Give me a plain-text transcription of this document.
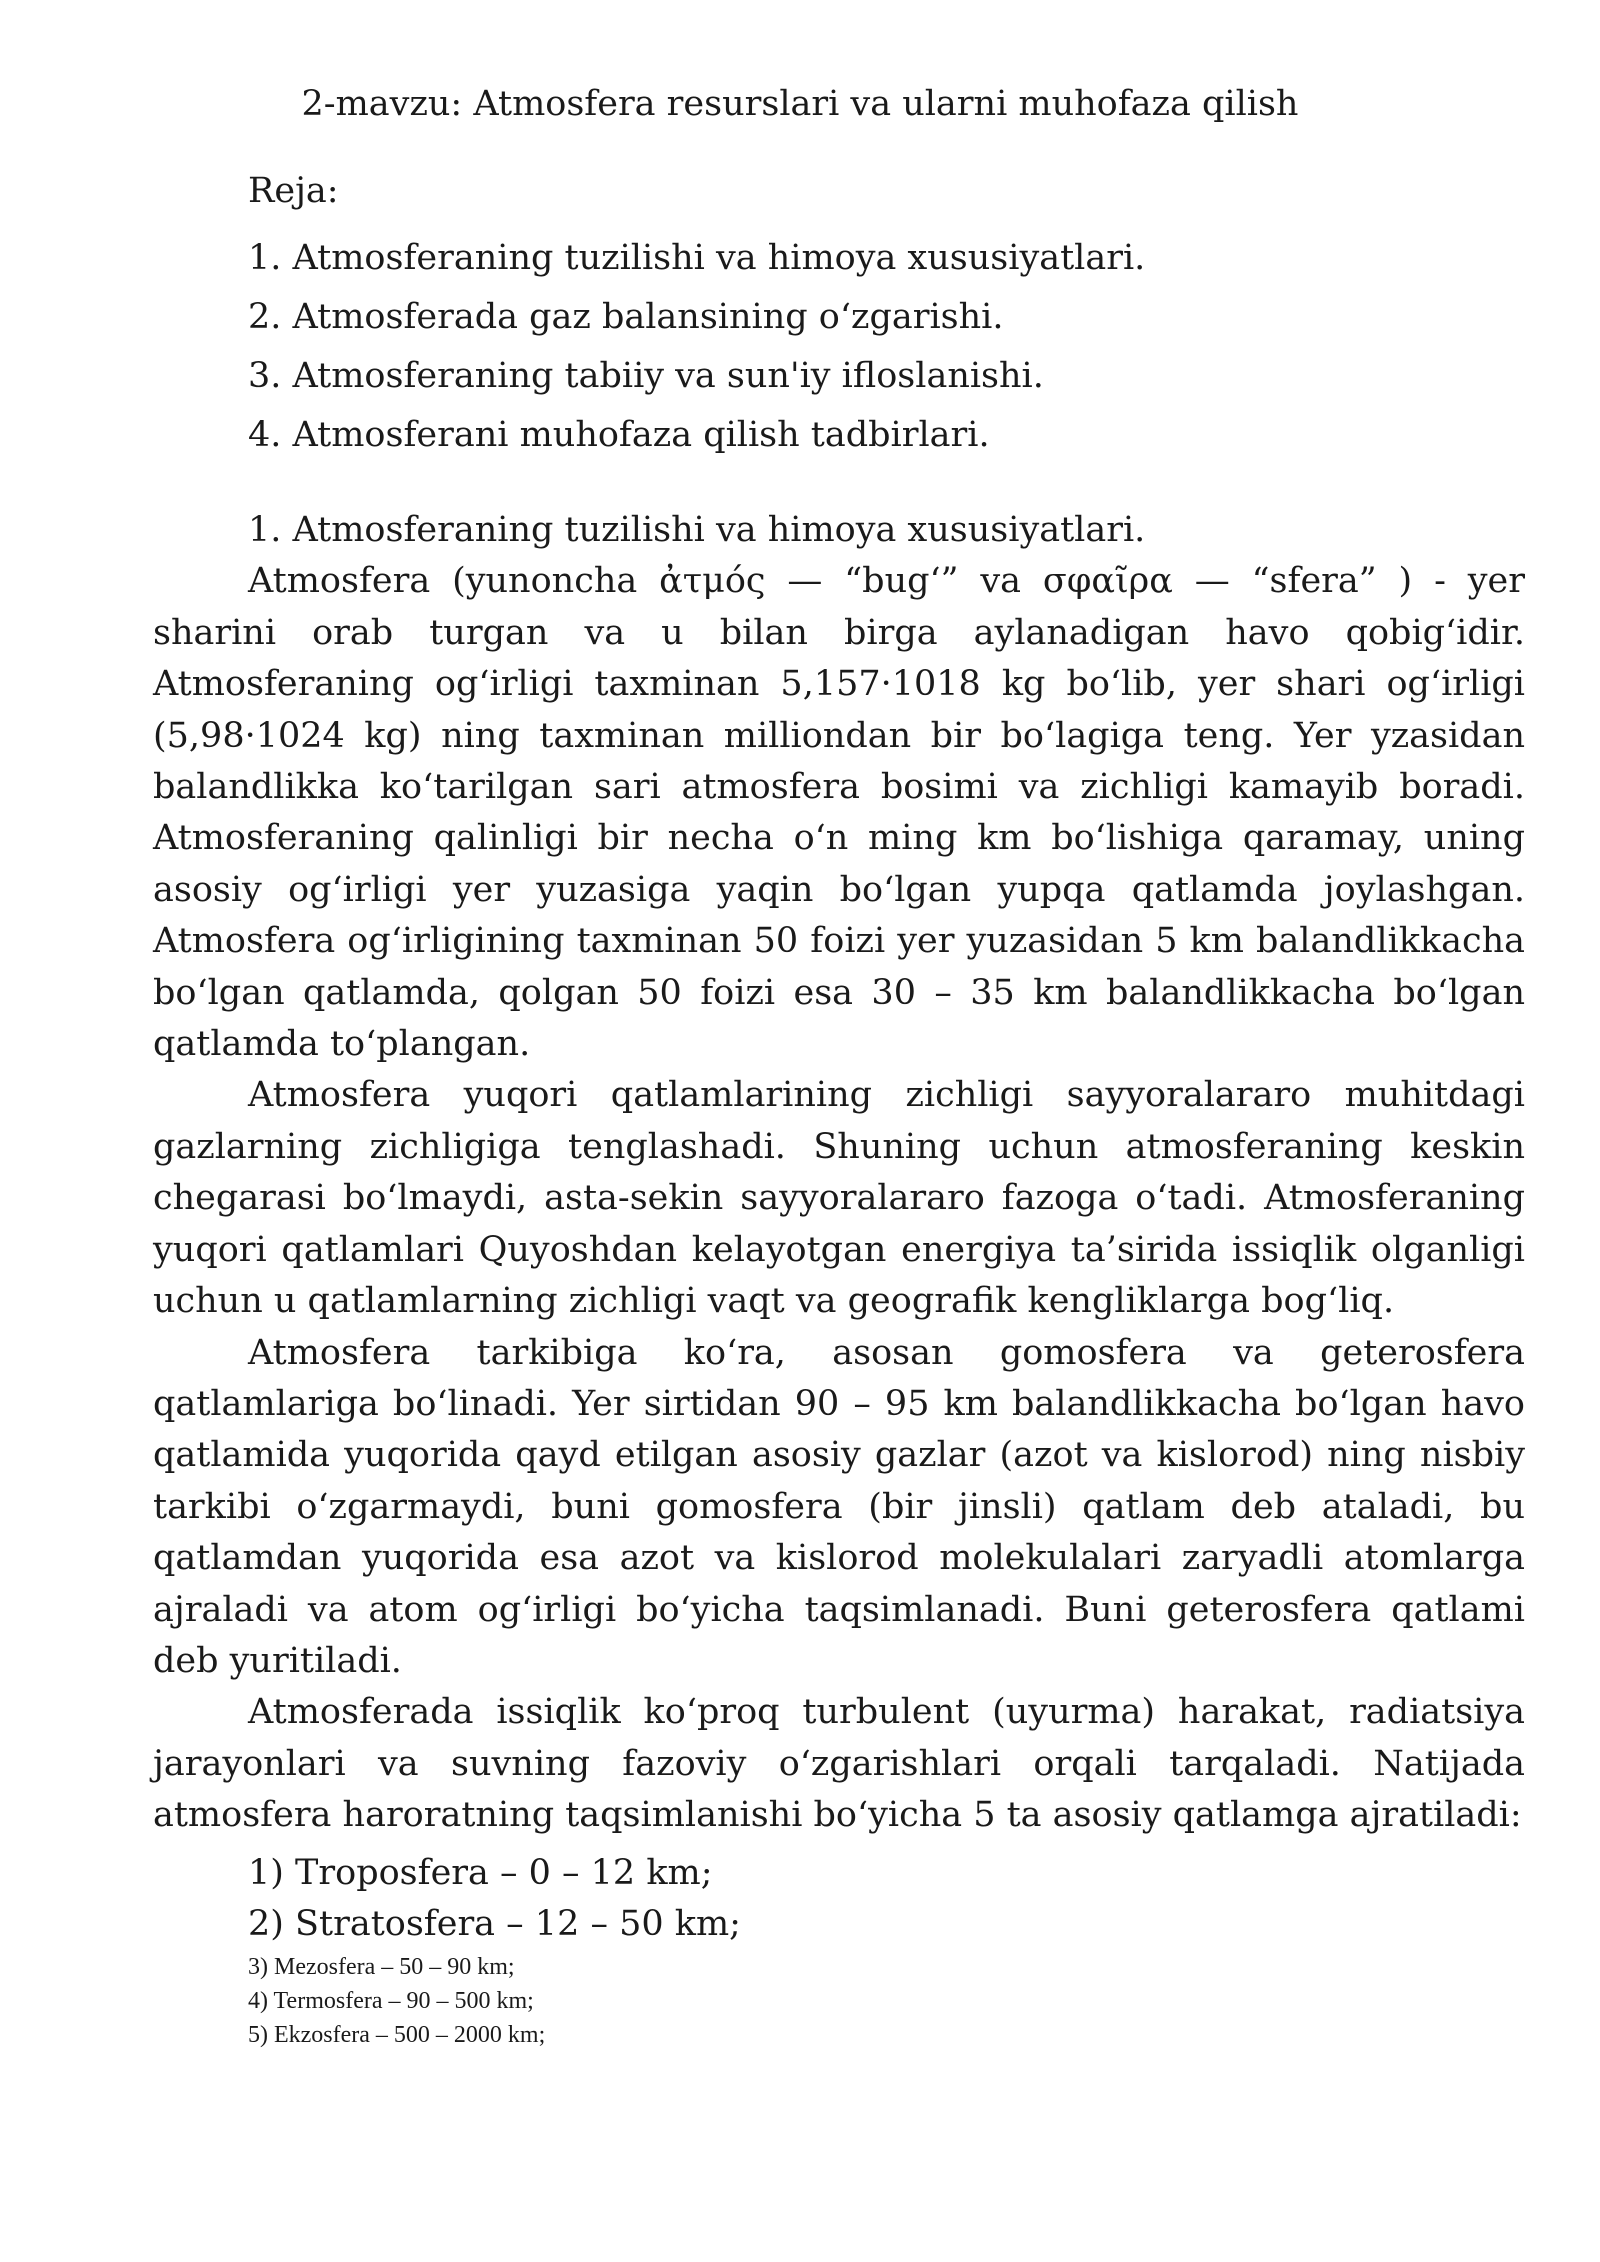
2-mavzu: Atmosfera resurslari va ularni muhofaza qilish

Reja:

1. Atmosferaning tuzilishi va himoya xususiyatlari.

2. Atmosferada gaz balansining o‘zgarishi.

3. Atmosferaning tabiiy va sun'iy ifloslanishi.

4. Atmosferani muhofaza qilish tadbirlari.

1. Atmosferaning tuzilishi va himoya xususiyatlari.

Atmosfera (yunoncha ἀτμός — “bug‘” va σφαῖρα — “sfera” ) - yer sharini orab turgan va u bilan birga aylanadigan havo qobig‘idir. Atmosferaning og‘irligi taxminan 5,157·1018 kg bo‘lib, yer shari og‘irligi (5,98·1024 kg) ning taxminan milliondan bir bo‘lagiga teng. Yer yzasidan balandlikka ko‘tarilgan sari atmosfera bosimi va zichligi kamayib boradi. Atmosferaning qalinligi bir necha o‘n ming km bo‘lishiga qaramay, uning asosiy og‘irligi yer yuzasiga yaqin bo‘lgan yupqa qatlamda joylashgan. Atmosfera og‘irligining taxminan 50 foizi yer yuzasidan 5 km balandlikkacha bo‘lgan qatlamda, qolgan 50 foizi esa 30 – 35 km balandlikkacha bo‘lgan qatlamda to‘plangan.

Atmosfera yuqori qatlamlarining zichligi sayyoralararo muhitdagi gazlarning zichligiga tenglashadi. Shuning uchun atmosferaning keskin chegarasi bo‘lmaydi, asta-sekin sayyoralararo fazoga o‘tadi. Atmosferaning yuqori qatlamlari Quyoshdan kelayotgan energiya ta’sirida issiqlik olganligi uchun u qatlamlarning zichligi vaqt va geografik kengliklarga bog‘liq.

Atmosfera tarkibiga ko‘ra, asosan gomosfera va geterosfera qatlamlariga bo‘linadi. Yer sirtidan 90 – 95 km balandlikkacha bo‘lgan havo qatlamida yuqorida qayd etilgan asosiy gazlar (azot va kislorod) ning nisbiy tarkibi o‘zgarmaydi, buni gomosfera (bir jinsli) qatlam deb ataladi, bu qatlamdan yuqorida esa azot va kislorod molekulalari zaryadli atomlarga ajraladi va atom og‘irligi bo‘yicha taqsimlanadi. Buni geterosfera qatlami deb yuritiladi.

Atmosferada issiqlik ko‘proq turbulent (uyurma) harakat, radiatsiya jarayonlari va suvning fazoviy o‘zgarishlari orqali tarqaladi. Natijada atmosfera haroratning taqsimlanishi bo‘yicha 5 ta asosiy qatlamga ajratiladi:

1) Troposfera – 0 – 12 km;
2) Stratosfera – 12 – 50 km;
3) Mezosfera – 50 – 90 km;
4) Termosfera – 90 – 500 km;
5) Ekzosfera – 500 – 2000 km;
